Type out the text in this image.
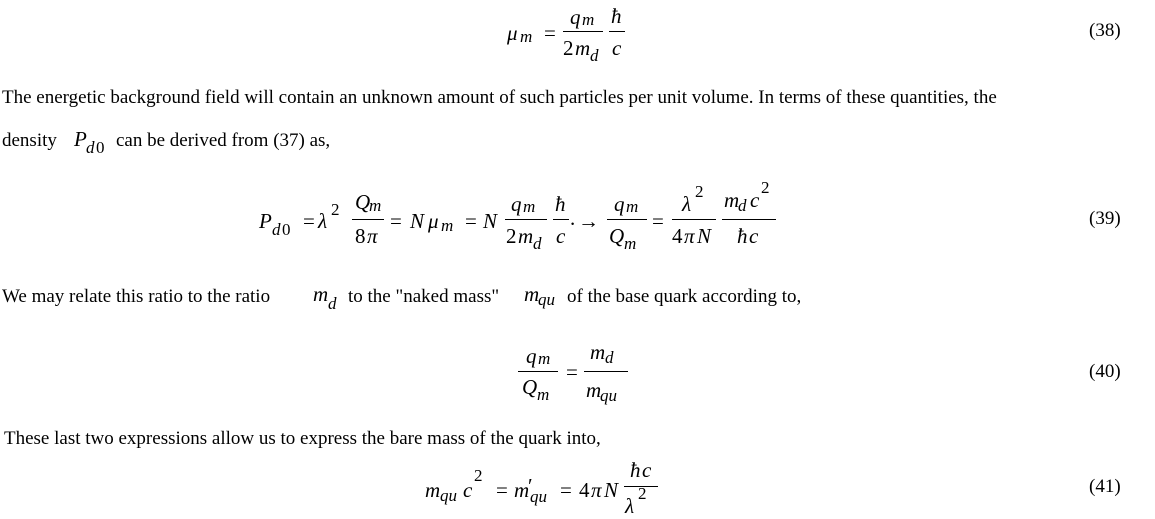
μ m =
q m
2 m d
ħ
c
(38)
The energetic background field will contain an unknown amount of such particles per unit volume. In terms of these quantities, the
density P d 0 can be derived from (37) as,
P d 0 = λ 2 Q
m
8 π
= N μ m = N
q m
2 m d
ħ
c
. →
q m
Q m
=
λ
2
4 π N
m
d c
2
ħ c
(39)
We may relate this ratio to the ratio m d to the "naked mass" m
qu of the base quark according to,
q m
Q m
=
m d
m
qu
(40)
These last two expressions allow us to express the bare mass of the quark into,
m qu c
2
= m
′
qu = 4 π N
ħ c
λ
2	(41)
